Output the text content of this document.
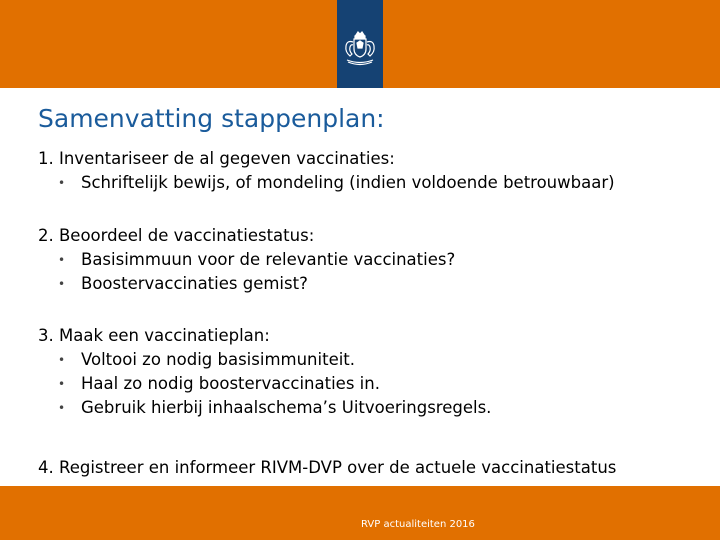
Samenvatting stappenplan:
1. Inventariseer de al gegeven vaccinaties:
• Schriftelijk bewijs, of mondeling (indien voldoende betrouwbaar)
2. Beoordeel de vaccinatiestatus:
• Basisimmuun voor de relevantie vaccinaties?
• Boostervaccinaties gemist?
3. Maak een vaccinatieplan:
• Voltooi zo nodig basisimmuniteit.
• Haal zo nodig boostervaccinaties in.
• Gebruik hierbij inhaalschema’s Uitvoeringsregels.
4. Registreer en informeer RIVM-DVP over de actuele vaccinatiestatus
36
RVP actualiteiten 2016
